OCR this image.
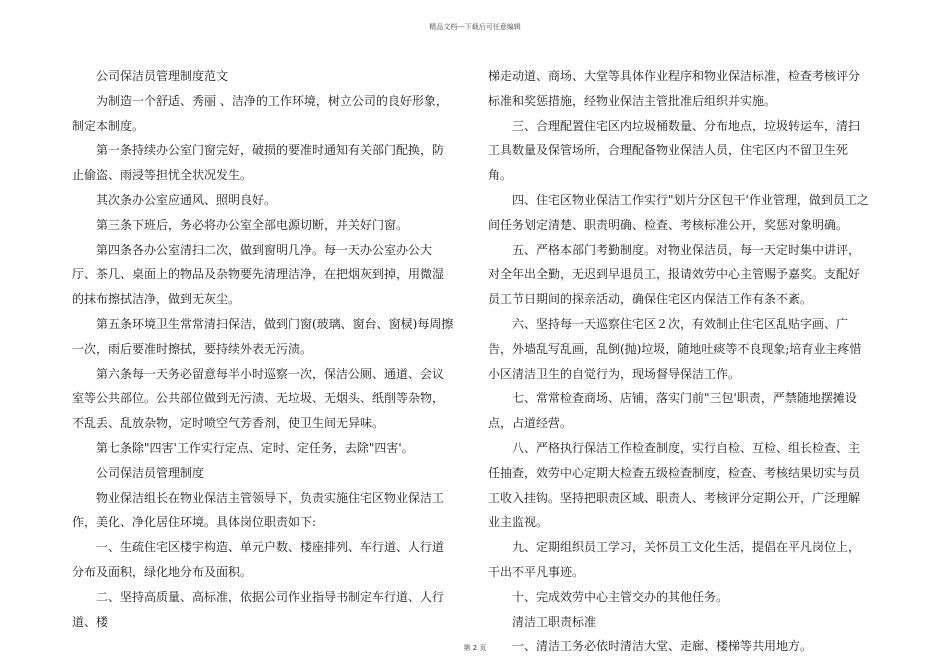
精品文档---下载后可任意编辑

公司保洁员管理制度范文

为制造一个舒适、秀丽 、洁净的工作环境，树立公司的良好形象，制定本制度。

第一条持续办公室门窗完好，破损的要准时通知有关部门配换，防止偷盗、雨浸等担忧全状况发生。

其次条办公室应通风、照明良好。

第三条下班后，务必将办公室全部电源切断，并关好门窗。

第四条各办公室清扫二次，做到窗明几净。每一天办公室办公大厅、茶几、桌面上的物品及杂物要先清理洁净，在把烟灰到掉，用微湿的抹布擦拭洁净，做到无灰尘。

第五条环境卫生常常清扫保洁，做到门窗(玻璃、窗台、窗棂)每周擦一次，雨后要准时擦拭，要持续外表无污渍。

第六条每一天务必留意每半小时巡察一次，保洁公厕、通道、会议室等公共部位。公共部位做到无污渍、无垃圾、无烟头、纸削等杂物，不乱丢、乱放杂物，定时喷空气芳香剂，使卫生间无异味。

第七条除"四害'工作实行定点、定时、定任务，去除"四害'。

公司保洁员管理制度

物业保洁组长在物业保洁主管领导下，负责实施住宅区物业保洁工作，美化、净化居住环境。具体岗位职责如下:

一、生疏住宅区楼宇构造、单元户数、楼座排列、车行道、人行道分布及面积，绿化地分布及面积。

二、坚持高质量、高标准，依据公司作业指导书制定车行道、人行道、楼

梯走动道、商场、大堂等具体作业程序和物业保洁标准，检查考核评分标准和奖惩措施，经物业保洁主管批准后组织并实施。

三、合理配置住宅区内垃圾桶数量、分布地点，垃圾转运车，清扫工具数量及保管场所，合理配备物业保洁人员，住宅区内不留卫生死角。

四、住宅区物业保洁工作实行"划片分区包干'作业管理，做到员工之间任务划定清楚、职责明确、检查、考核标准公开，奖惩对象明确。

五、严格本部门考勤制度。对物业保洁员，每一天定时集中讲评，对全年出全勤，无迟到早退员工，报请效劳中心主管赐予嘉奖。支配好员工节日期间的探亲活动，确保住宅区内保洁工作有条不紊。

六、坚持每一天巡察住宅区２次，有效制止住宅区乱贴字画、广告，外墙乱写乱画，乱倒(抛)垃圾，随地吐痰等不良现象;培育业主疼惜小区清洁卫生的自觉行为，现场督导保洁工作。

七、常常检查商场、店铺，落实门前"三包'职责，严禁随地摆摊设点，占道经营。

八、严格执行保洁工作检查制度，实行自检、互检、组长检查、主任抽查，效劳中心定期大检查五级检查制度，检查、考核结果切实与员工收入挂钩。坚持把职责区域、职责人、考核评分定期公开，广泛理解业主监视。

九、定期组织员工学习，关怀员工文化生活，提倡在平凡岗位上，干出不平凡事迹。

十、完成效劳中心主管交办的其他任务。

清洁工职责标准

一、清洁工务必依时清洁大堂、走廊、楼梯等共用地方。

第 2 页
